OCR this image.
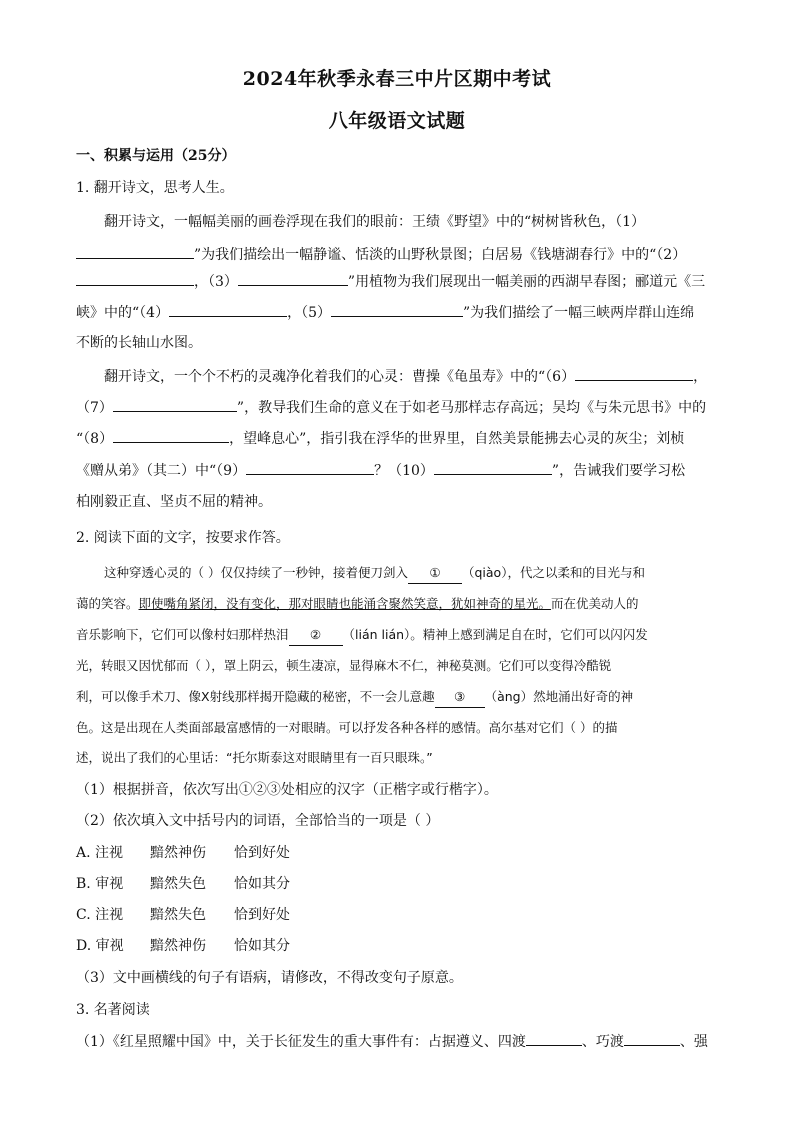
2024年秋季永春三中片区期中考试
八年级语文试题
一、积累与运用（25分）
1. 翻开诗文，思考人生。
翻开诗文，一幅幅美丽的画卷浮现在我们的眼前：王绩《野望》中的“树树皆秋色，（1）
”为我们描绘出一幅静谧、恬淡的山野秋景图；白居易《钱塘湖春行》中的“（2）
，（3）	”用植物为我们展现出一幅美丽的西湖早春图；郦道元《三
峡》中的“（4）	，（5）	”为我们描绘了一幅三峡两岸群山连绵
不断的长轴山水图。
翻开诗文，一个个不朽的灵魂净化着我们的心灵：曹操《龟虽寿》中的“（6）	，
（7）	”，教导我们生命的意义在于如老马那样志存高远；吴均《与朱元思书》中的
“（8）	，望峰息心”，指引我在浮华的世界里，自然美景能拂去心灵的灰尘；刘桢
《赠从弟》（其二）中“（9）	？（10）	”，告诫我们要学习松
柏刚毅正直、坚贞不屈的精神。
2. 阅读下面的文字，按要求作答。
这种穿透心灵的（ ）仅仅持续了一秒钟，接着便刀剑入 ① （qiào），代之以柔和的目光与和
蔼的笑容。即使嘴角紧闭，没有变化，那对眼睛也能涌含聚然笑意，犹如神奇的星光。而在优美动人的
音乐影响下，它们可以像村妇那样热泪 ② （lián lián）。精神上感到满足自在时，它们可以闪闪发
光，转眼又因忧郁而（ ），罩上阴云，顿生凄凉，显得麻木不仁，神秘莫测。它们可以变得冷酷锐
利，可以像手术刀、像X射线那样揭开隐藏的秘密，不一会儿意趣 ③ （àng）然地涌出好奇的神
色。这是出现在人类面部最富感情的一对眼睛。可以抒发各种各样的感情。高尔基对它们（ ）的描
述，说出了我们的心里话：“托尔斯泰这对眼睛里有一百只眼珠。”
（1）根据拼音，依次写出①②③处相应的汉字（正楷字或行楷字）。
（2）依次填入文中括号内的词语，全部恰当的一项是（ ）
A. 注视 黯然神伤 恰到好处
B. 审视 黯然失色 恰如其分
C. 注视 黯然失色 恰到好处
D. 审视 黯然神伤 恰如其分
（3）文中画横线的句子有语病，请修改，不得改变句子原意。
3. 名著阅读
（1）《红星照耀中国》中，关于长征发生的重大事件有：占据遵义、四渡	、巧渡	、强
